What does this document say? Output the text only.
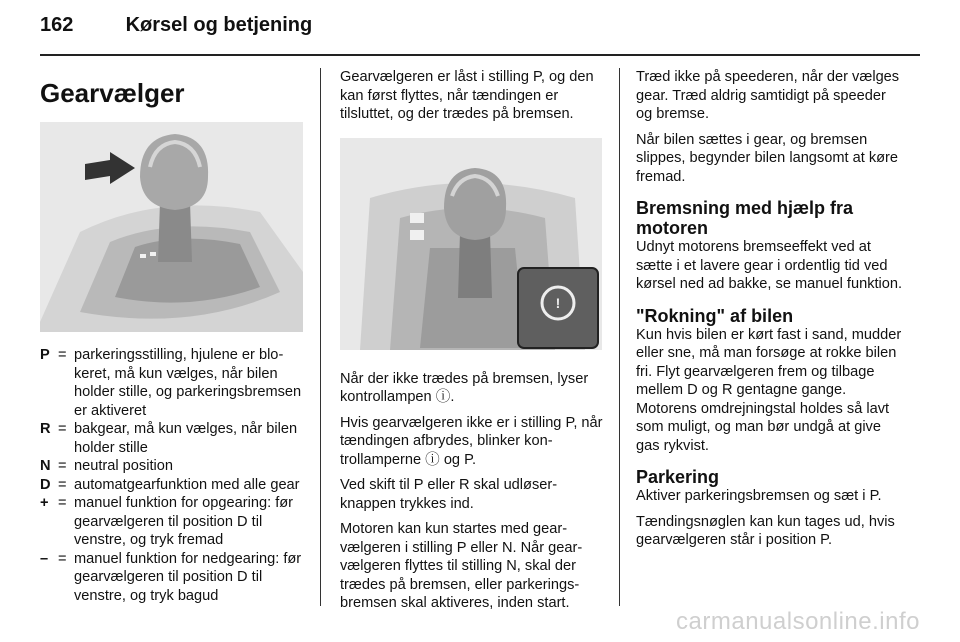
162	Kørsel og betjening
Gearvælger
P = parkeringsstilling, hjulene er blokeret, må kun vælges, når bilen holder stille, og parkeringsbremsen er aktiveret
R = bakgear, må kun vælges, når bilen holder stille
N = neutral position
D = automatgearfunktion med alle gear
+ = manuel funktion for opgearing: før gearvælgeren til position D til venstre, og tryk fremad
– = manuel funktion for nedgearing: før gearvælgeren til position D til venstre, og tryk bagud

Gearvælgeren er låst i stilling P, og den kan først flyttes, når tændingen er tilsluttet, og der trædes på bremsen.

!

Når der ikke trædes på bremsen, lyser kontrollampen ⓘ.

Hvis gearvælgeren ikke er i stilling P, når tændingen afbrydes, blinker kontrollamperne ⓘ og P.

Ved skift til P eller R skal udløserknappen trykkes ind.

Motoren kan kun startes med gearvælgeren i stilling P eller N. Når gearvælgeren flyttes til stilling N, skal der trædes på bremsen, eller parkeringsbremsen skal aktiveres, inden start.

Træd ikke på speederen, når der vælges gear. Træd aldrig samtidigt på speeder og bremse.

Når bilen sættes i gear, og bremsen slippes, begynder bilen langsomt at køre fremad.

Bremsning med hjælp fra motoren

Udnyt motorens bremseeffekt ved at sætte i et lavere gear i ordentlig tid ved kørsel ned ad bakke, se manuel funktion.

"Rokning" af bilen

Kun hvis bilen er kørt fast i sand, mudder eller sne, må man forsøge at rokke bilen fri. Flyt gearvælgeren frem og tilbage mellem D og R gentagne gange. Motorens omdrejningstal holdes så lavt som muligt, og man bør undgå at give gas rykvist.

Parkering

Aktiver parkeringsbremsen og sæt i P.

Tændingsnøglen kan kun tages ud, hvis gearvælgeren står i position P.

carmanualsonline.info
